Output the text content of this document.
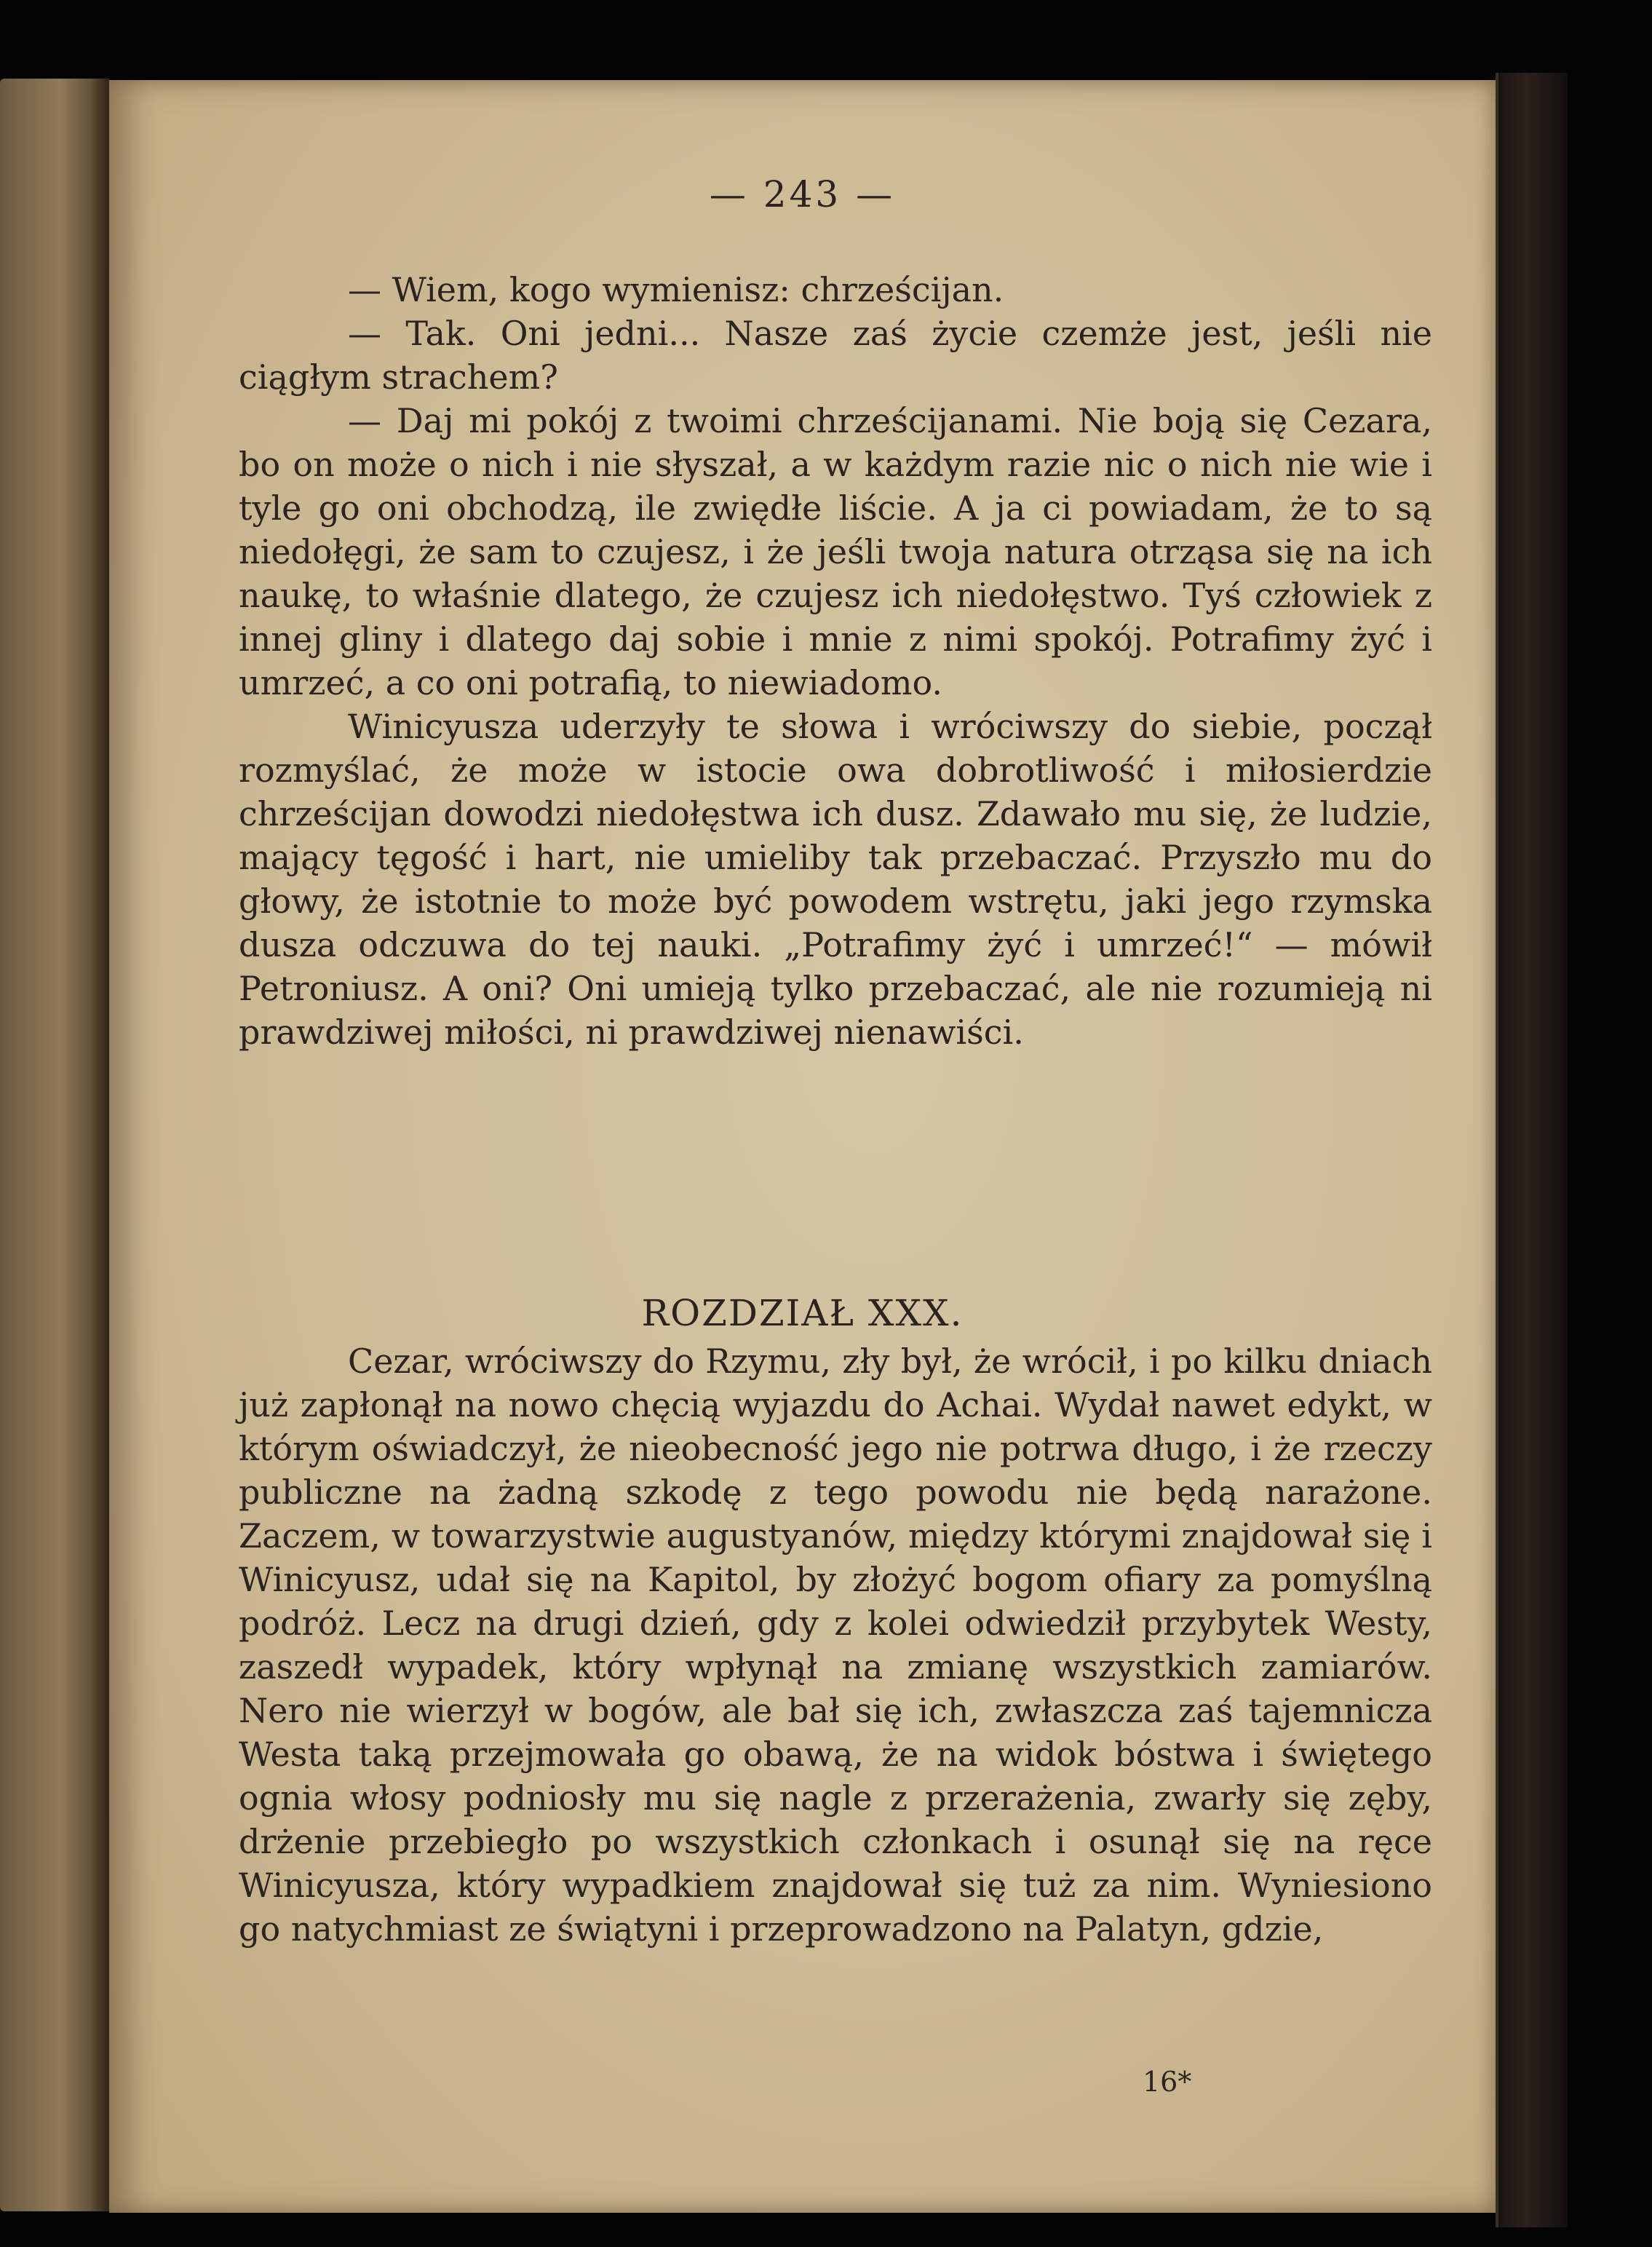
— 243 —

— Wiem, kogo wymienisz: chrześcijan.

— Tak. Oni jedni... Nasze zaś życie czemże jest, jeśli nie ciągłym strachem?

— Daj mi pokój z twoimi chrześcijanami. Nie boją się Cezara, bo on może o nich i nie słyszał, a w każdym razie nic o nich nie wie i tyle go oni obchodzą, ile zwiędłe liście. A ja ci powiadam, że to są niedołęgi, że sam to czujesz, i że jeśli twoja natura otrząsa się na ich naukę, to właśnie dlatego, że czujesz ich niedołęstwo. Tyś człowiek z innej gliny i dlatego daj sobie i mnie z nimi spokój. Potrafimy żyć i umrzeć, a co oni potrafią, to niewiadomo.

Winicyusza uderzyły te słowa i wróciwszy do siebie, począł rozmyślać, że może w istocie owa dobrotliwość i miłosierdzie chrześcijan dowodzi niedołęstwa ich dusz. Zdawało mu się, że ludzie, mający tęgość i hart, nie umieliby tak przebaczać. Przyszło mu do głowy, że istotnie to może być powodem wstrętu, jaki jego rzymska dusza odczuwa do tej nauki. „Potrafimy żyć i umrzeć!“ — mówił Petroniusz. A oni? Oni umieją tylko przebaczać, ale nie rozumieją ni prawdziwej miłości, ni prawdziwej nienawiści.

ROZDZIAŁ XXX.

Cezar, wróciwszy do Rzymu, zły był, że wrócił, i po kilku dniach już zapłonął na nowo chęcią wyjazdu do Achai. Wydał nawet edykt, w którym oświadczył, że nieobecność jego nie potrwa długo, i że rzeczy publiczne na żadną szkodę z tego powodu nie będą narażone. Zaczem, w towarzystwie augustyanów, między którymi znajdował się i Winicyusz, udał się na Kapitol, by złożyć bogom ofiary za pomyślną podróż. Lecz na drugi dzień, gdy z kolei odwiedził przybytek Westy, zaszedł wypadek, który wpłynął na zmianę wszystkich zamiarów. Nero nie wierzył w bogów, ale bał się ich, zwłaszcza zaś tajemnicza Westa taką przejmowała go obawą, że na widok bóstwa i świętego ognia włosy podniosły mu się nagle z przerażenia, zwarły się zęby, drżenie przebiegło po wszystkich członkach i osunął się na ręce Winicyusza, który wypadkiem znajdował się tuż za nim. Wyniesiono go natychmiast ze świątyni i przeprowadzono na Palatyn, gdzie,

16*
